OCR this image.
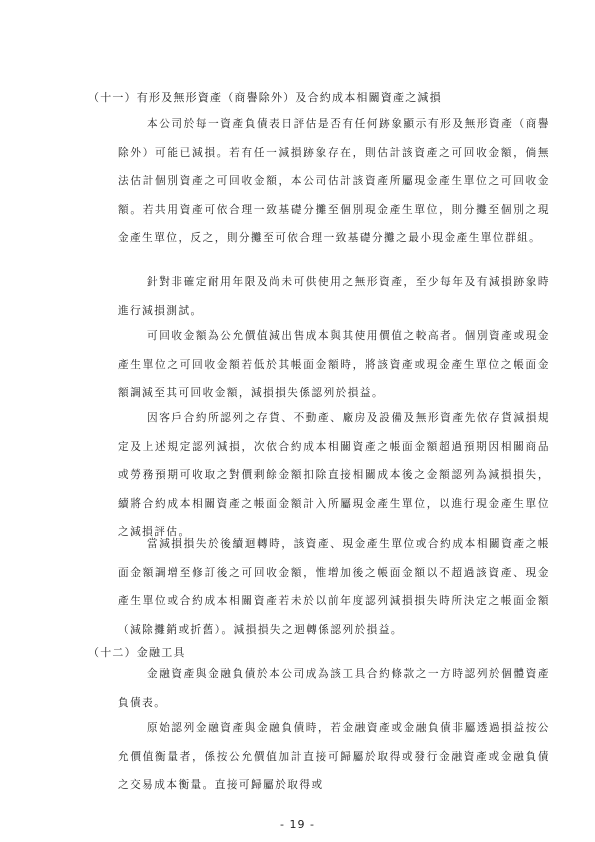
（十一）有形及無形資產（商譽除外）及合約成本相關資產之減損
本公司於每一資產負債表日評估是否有任何跡象顯示有形及無形資產（商譽除外）可能已減損。若有任一減損跡象存在，則估計該資產之可回收金額，倘無法估計個別資產之可回收金額，本公司估計該資產所屬現金產生單位之可回收金額。若共用資產可依合理一致基礎分攤至個別現金產生單位，則分攤至個別之現金產生單位，反之，則分攤至可依合理一致基礎分攤之最小現金產生單位群組。
針對非確定耐用年限及尚未可供使用之無形資產，至少每年及有減損跡象時進行減損測試。
可回收金額為公允價值減出售成本與其使用價值之較高者。個別資產或現金產生單位之可回收金額若低於其帳面金額時，將該資產或現金產生單位之帳面金額調減至其可回收金額，減損損失係認列於損益。
因客戶合約所認列之存貨、不動產、廠房及設備及無形資產先依存貨減損規定及上述規定認列減損，次依合約成本相關資產之帳面金額超過預期因相關商品或勞務預期可收取之對價剩餘金額扣除直接相關成本後之金額認列為減損損失，續將合約成本相關資產之帳面金額計入所屬現金產生單位，以進行現金產生單位之減損評估。
當減損損失於後續迴轉時，該資產、現金產生單位或合約成本相關資產之帳面金額調增至修訂後之可回收金額，惟增加後之帳面金額以不超過該資產、現金產生單位或合約成本相關資產若未於以前年度認列減損損失時所決定之帳面金額（減除攤銷或折舊）。減損損失之迴轉係認列於損益。
（十二）金融工具
金融資產與金融負債於本公司成為該工具合約條款之一方時認列於個體資產負債表。
原始認列金融資產與金融負債時，若金融資產或金融負債非屬透過損益按公允價值衡量者，係按公允價值加計直接可歸屬於取得或發行金融資產或金融負債之交易成本衡量。直接可歸屬於取得或
- 19 -
